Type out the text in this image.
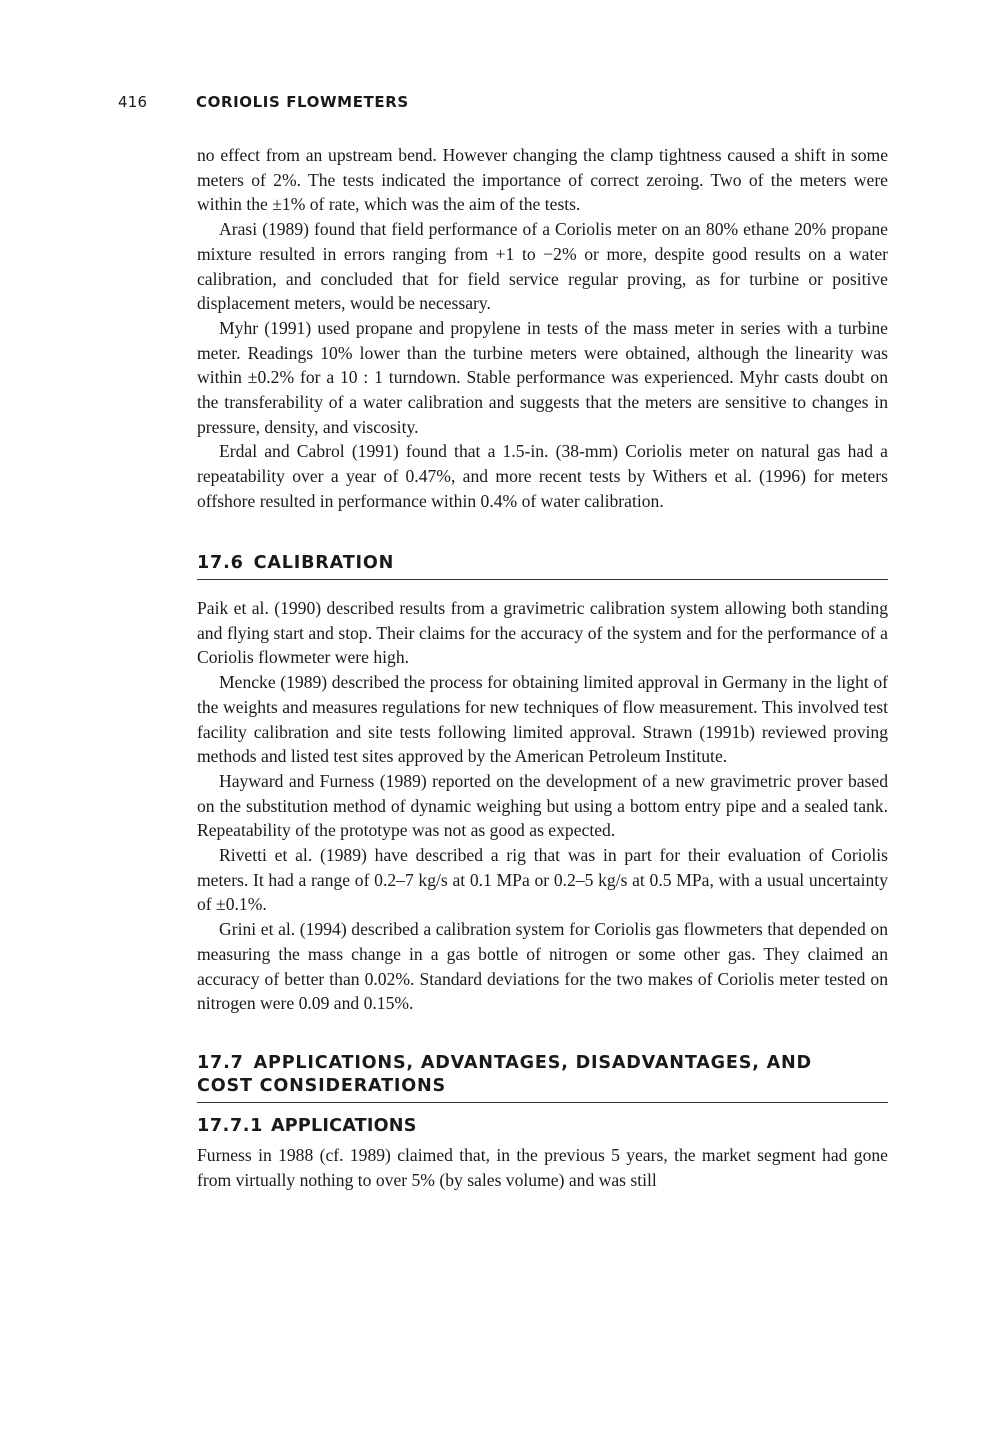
416	CORIOLIS FLOWMETERS

no effect from an upstream bend. However changing the clamp tightness caused a shift in some meters of 2%. The tests indicated the importance of correct zeroing. Two of the meters were within the ±1% of rate, which was the aim of the tests.

Arasi (1989) found that field performance of a Coriolis meter on an 80% ethane 20% propane mixture resulted in errors ranging from +1 to −2% or more, despite good results on a water calibration, and concluded that for field service regular proving, as for turbine or positive displacement meters, would be necessary.

Myhr (1991) used propane and propylene in tests of the mass meter in series with a turbine meter. Readings 10% lower than the turbine meters were obtained, although the linearity was within ±0.2% for a 10 : 1 turndown. Stable performance was experienced. Myhr casts doubt on the transferability of a water calibration and suggests that the meters are sensitive to changes in pressure, density, and viscosity.

Erdal and Cabrol (1991) found that a 1.5-in. (38-mm) Coriolis meter on natural gas had a repeatability over a year of 0.47%, and more recent tests by Withers et al. (1996) for meters offshore resulted in performance within 0.4% of water calibration.

17.6 CALIBRATION

Paik et al. (1990) described results from a gravimetric calibration system allowing both standing and flying start and stop. Their claims for the accuracy of the system and for the performance of a Coriolis flowmeter were high.

Mencke (1989) described the process for obtaining limited approval in Germany in the light of the weights and measures regulations for new techniques of flow measurement. This involved test facility calibration and site tests following limited approval. Strawn (1991b) reviewed proving methods and listed test sites approved by the American Petroleum Institute.

Hayward and Furness (1989) reported on the development of a new gravimetric prover based on the substitution method of dynamic weighing but using a bottom entry pipe and a sealed tank. Repeatability of the prototype was not as good as expected.

Rivetti et al. (1989) have described a rig that was in part for their evaluation of Coriolis meters. It had a range of 0.2–7 kg/s at 0.1 MPa or 0.2–5 kg/s at 0.5 MPa, with a usual uncertainty of ±0.1%.

Grini et al. (1994) described a calibration system for Coriolis gas flowmeters that depended on measuring the mass change in a gas bottle of nitrogen or some other gas. They claimed an accuracy of better than 0.02%. Standard deviations for the two makes of Coriolis meter tested on nitrogen were 0.09 and 0.15%.

17.7 APPLICATIONS, ADVANTAGES, DISADVANTAGES, AND
COST CONSIDERATIONS
17.7.1 APPLICATIONS

Furness in 1988 (cf. 1989) claimed that, in the previous 5 years, the market segment had gone from virtually nothing to over 5% (by sales volume) and was still
